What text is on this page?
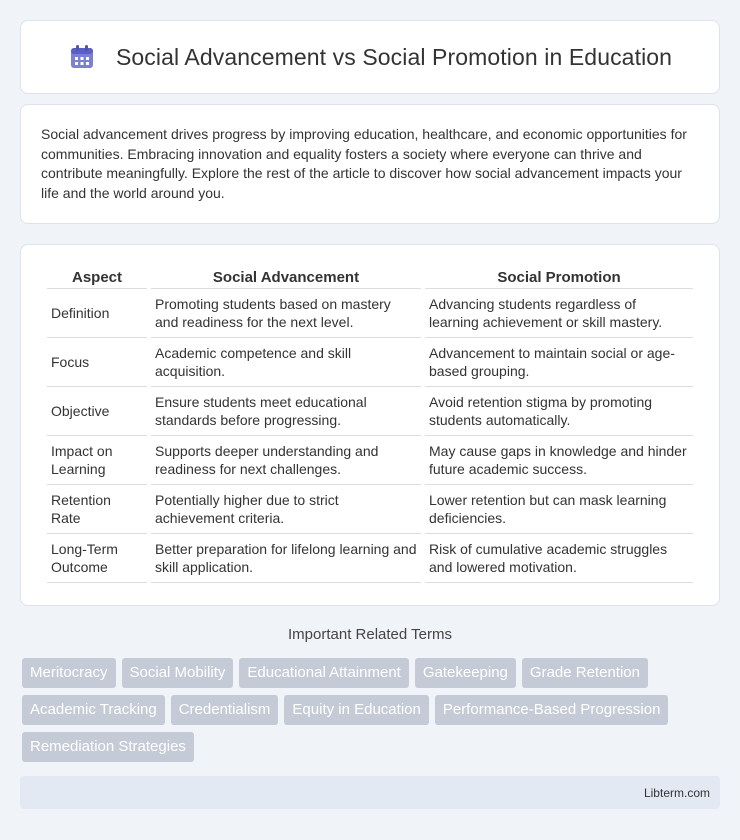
Social Advancement vs Social Promotion in Education

Social advancement drives progress by improving education, healthcare, and economic opportunities for communities. Embracing innovation and equality fosters a society where everyone can thrive and contribute meaningfully. Explore the rest of the article to discover how social advancement impacts your life and the world around you.

Aspect	Social Advancement	Social Promotion
Definition	Promoting students based on mastery and readiness for the next level.	Advancing students regardless of learning achievement or skill mastery.
Focus	Academic competence and skill acquisition.	Advancement to maintain social or age-based grouping.
Objective	Ensure students meet educational standards before progressing.	Avoid retention stigma by promoting students automatically.
Impact on Learning	Supports deeper understanding and readiness for next challenges.	May cause gaps in knowledge and hinder future academic success.
Retention Rate	Potentially higher due to strict achievement criteria.	Lower retention but can mask learning deficiencies.
Long-Term Outcome	Better preparation for lifelong learning and skill application.	Risk of cumulative academic struggles and lowered motivation.
Important Related Terms
Meritocracy	Social Mobility	Educational Attainment	Gatekeeping	Grade Retention
Academic Tracking	Credentialism	Equity in Education	Performance-Based Progression
Remediation Strategies
Libterm.com
